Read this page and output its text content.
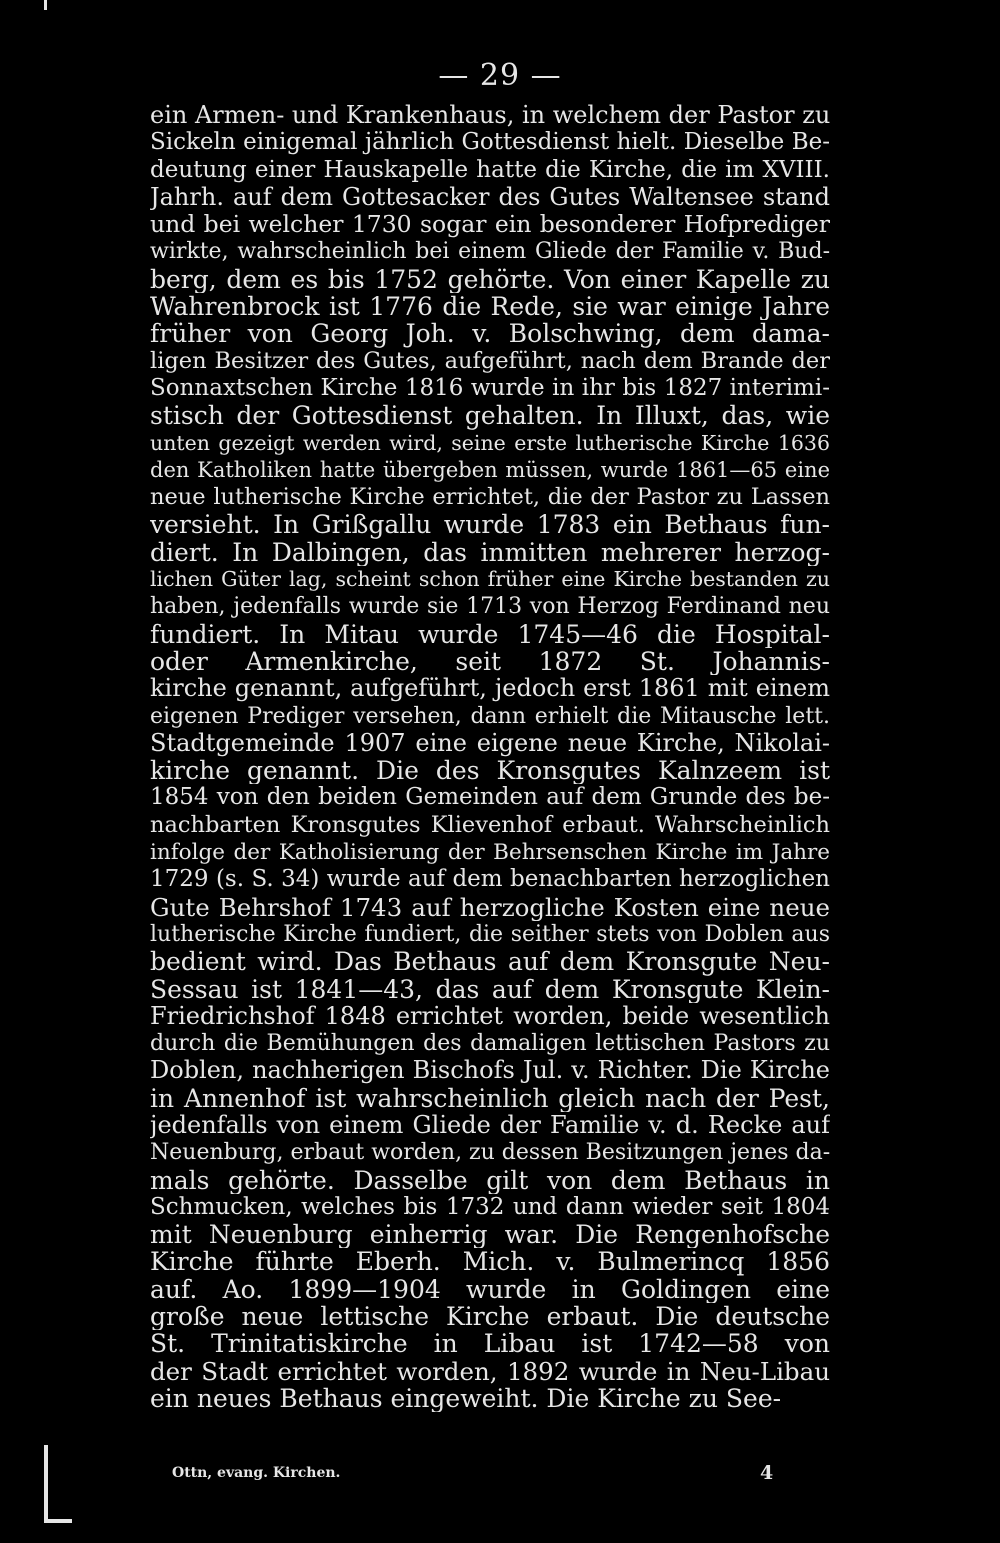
— 29 —
ein Armen- und Krankenhaus, in welchem der Pastor zu
Sickeln einigemal jährlich Gottesdienst hielt. Dieselbe Be-
deutung einer Hauskapelle hatte die Kirche, die im XVIII.
Jahrh. auf dem Gottesacker des Gutes Waltensee stand
und bei welcher 1730 sogar ein besonderer Hofprediger
wirkte, wahrscheinlich bei einem Gliede der Familie v. Bud-
berg, dem es bis 1752 gehörte. Von einer Kapelle zu
Wahrenbrock ist 1776 die Rede, sie war einige Jahre
früher von Georg Joh. v. Bolschwing, dem dama-
ligen Besitzer des Gutes, aufgeführt, nach dem Brande der
Sonnaxtschen Kirche 1816 wurde in ihr bis 1827 interimi-
stisch der Gottesdienst gehalten. In Illuxt, das, wie
unten gezeigt werden wird, seine erste lutherische Kirche 1636
den Katholiken hatte übergeben müssen, wurde 1861—65 eine
neue lutherische Kirche errichtet, die der Pastor zu Lassen
versieht. In Grißgallu wurde 1783 ein Bethaus fun-
diert. In Dalbingen, das inmitten mehrerer herzog-
lichen Güter lag, scheint schon früher eine Kirche bestanden zu
haben, jedenfalls wurde sie 1713 von Herzog Ferdinand neu
fundiert. In Mitau wurde 1745—46 die Hospital-
oder Armenkirche, seit 1872 St. Johannis-
kirche genannt, aufgeführt, jedoch erst 1861 mit einem
eigenen Prediger versehen, dann erhielt die Mitausche lett.
Stadtgemeinde 1907 eine eigene neue Kirche, Nikolai-
kirche genannt. Die des Kronsgutes Kalnzeem ist
1854 von den beiden Gemeinden auf dem Grunde des be-
nachbarten Kronsgutes Klievenhof erbaut. Wahrscheinlich
infolge der Katholisierung der Behrsenschen Kirche im Jahre
1729 (s. S. 34) wurde auf dem benachbarten herzoglichen
Gute Behrshof 1743 auf herzogliche Kosten eine neue
lutherische Kirche fundiert, die seither stets von Doblen aus
bedient wird. Das Bethaus auf dem Kronsgute Neu-
Sessau ist 1841—43, das auf dem Kronsgute Klein-
Friedrichshof 1848 errichtet worden, beide wesentlich
durch die Bemühungen des damaligen lettischen Pastors zu
Doblen, nachherigen Bischofs Jul. v. Richter. Die Kirche
in Annenhof ist wahrscheinlich gleich nach der Pest,
jedenfalls von einem Gliede der Familie v. d. Recke auf
Neuenburg, erbaut worden, zu dessen Besitzungen jenes da-
mals gehörte. Dasselbe gilt von dem Bethaus in
Schmucken, welches bis 1732 und dann wieder seit 1804
mit Neuenburg einherrig war. Die Rengenhofsche
Kirche führte Eberh. Mich. v. Bulmerincq 1856
auf. Ao. 1899—1904 wurde in Goldingen eine
große neue lettische Kirche erbaut. Die deutsche
St. Trinitatiskirche in Libau ist 1742—58 von
der Stadt errichtet worden, 1892 wurde in Neu-Libau
ein neues Bethaus eingeweiht. Die Kirche zu See-
Ottn, evang. Kirchen.	4
